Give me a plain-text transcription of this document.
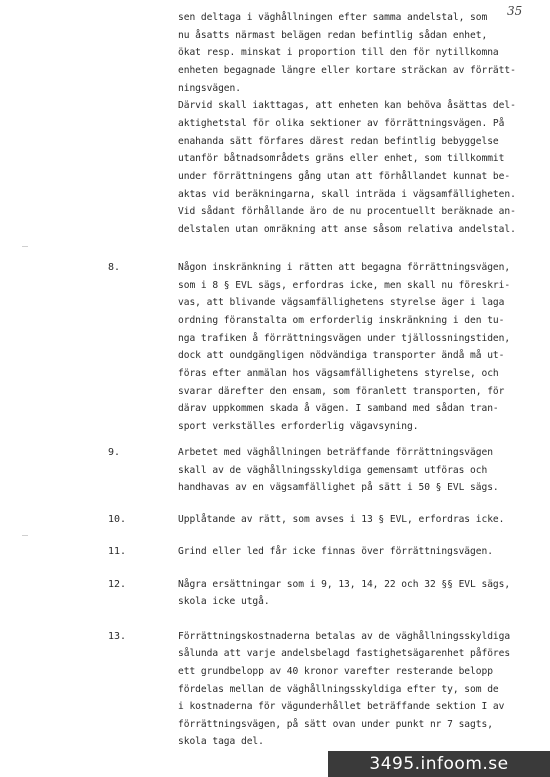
35
sen deltaga i väghållningen efter samma andelstal, som
nu åsatts närmast belägen redan befintlig sådan enhet,
ökat resp. minskat i proportion till den för nytillkomna
enheten begagnade längre eller kortare sträckan av förrätt-
ningsvägen.
Därvid skall iakttagas, att enheten kan behöva åsättas del-
aktighetstal för olika sektioner av förrättningsvägen. På
enahanda sätt förfares därest redan befintlig bebyggelse
utanför båtnadsområdets gräns eller enhet, som tillkommit
under förrättningens gång utan att förhållandet kunnat be-
aktas vid beräkningarna, skall inträda i vägsamfälligheten.
Vid sådant förhållande äro de nu procentuellt beräknade an-
delstalen utan omräkning att anse såsom relativa andelstal.
8.	Någon inskränkning i rätten att begagna förrättningsvägen,
som i 8 § EVL sägs, erfordras icke, men skall nu föreskri-
vas, att blivande vägsamfällighetens styrelse äger i laga
ordning föranstalta om erforderlig inskränkning i den tu-
nga trafiken å förrättningsvägen under tjällossningstiden,
dock att oundgängligen nödvändiga transporter ändå må ut-
föras efter anmälan hos vägsamfällighetens styrelse, och
svarar därefter den ensam, som föranlett transporten, för
därav uppkommen skada å vägen. I samband med sådan tran-
sport verkställes erforderlig vägavsyning.
9.	Arbetet med väghållningen beträffande förrättningsvägen
skall av de väghållningsskyldiga gemensamt utföras och
handhavas av en vägsamfällighet på sätt i 50 § EVL sägs.
10.	Upplåtande av rätt, som avses i 13 § EVL, erfordras icke.
11.	Grind eller led får icke finnas över förrättningsvägen.
12.	Några ersättningar som i 9, 13, 14, 22 och 32 §§ EVL sägs,
skola icke utgå.
13.	Förrättningskostnaderna betalas av de väghållningsskyldiga
sålunda att varje andelsbelagd fastighetsägarenhet påföres
ett grundbelopp av 40 kronor varefter resterande belopp
fördelas mellan de väghållningsskyldiga efter ty, som de
i kostnaderna för vägunderhållet beträffande sektion I av
förrättningsvägen, på sätt ovan under punkt nr 7 sagts,
skola taga del.
3495.infoom.se
